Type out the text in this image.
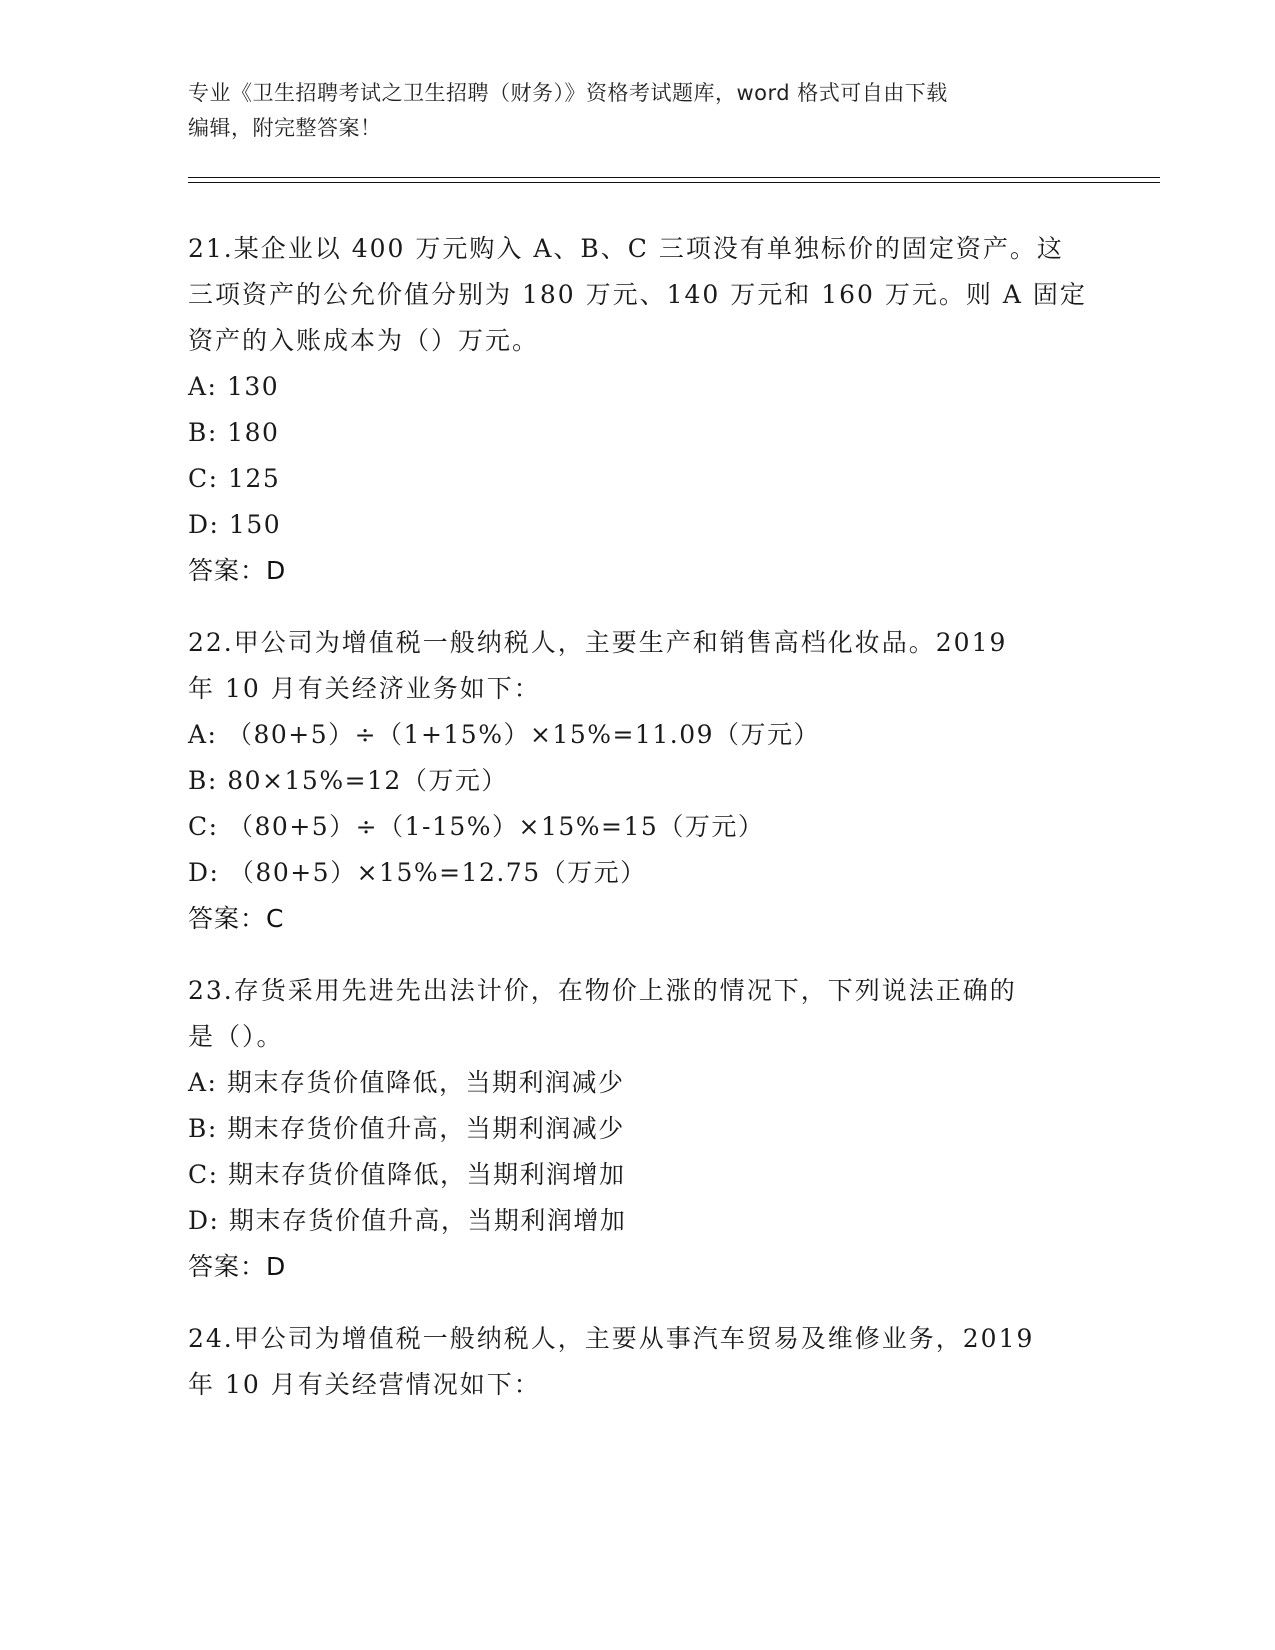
专业《卫生招聘考试之卫生招聘（财务）》资格考试题库，word 格式可自由下载
编辑，附完整答案！

21.某企业以 400 万元购入 A、B、C 三项没有单独标价的固定资产。这

三项资产的公允价值分别为 180 万元、140 万元和 160 万元。则 A 固定

资产的入账成本为（）万元。

A: 130

B: 180

C: 125

D: 150

答案：D

22.甲公司为增值税一般纳税人，主要生产和销售高档化妆品。2019

年 10 月有关经济业务如下：

A: （80+5）÷（1+15%）×15%=11.09（万元）

B: 80×15%=12（万元）

C: （80+5）÷（1-15%）×15%=15（万元）

D: （80+5）×15%=12.75（万元）

答案：C

23.存货采用先进先出法计价，在物价上涨的情况下，下列说法正确的

是（）。

A: 期末存货价值降低，当期利润减少

B: 期末存货价值升高，当期利润减少

C: 期末存货价值降低，当期利润增加

D: 期末存货价值升高，当期利润增加

答案：D

24.甲公司为增值税一般纳税人，主要从事汽车贸易及维修业务，2019

年 10 月有关经营情况如下：
